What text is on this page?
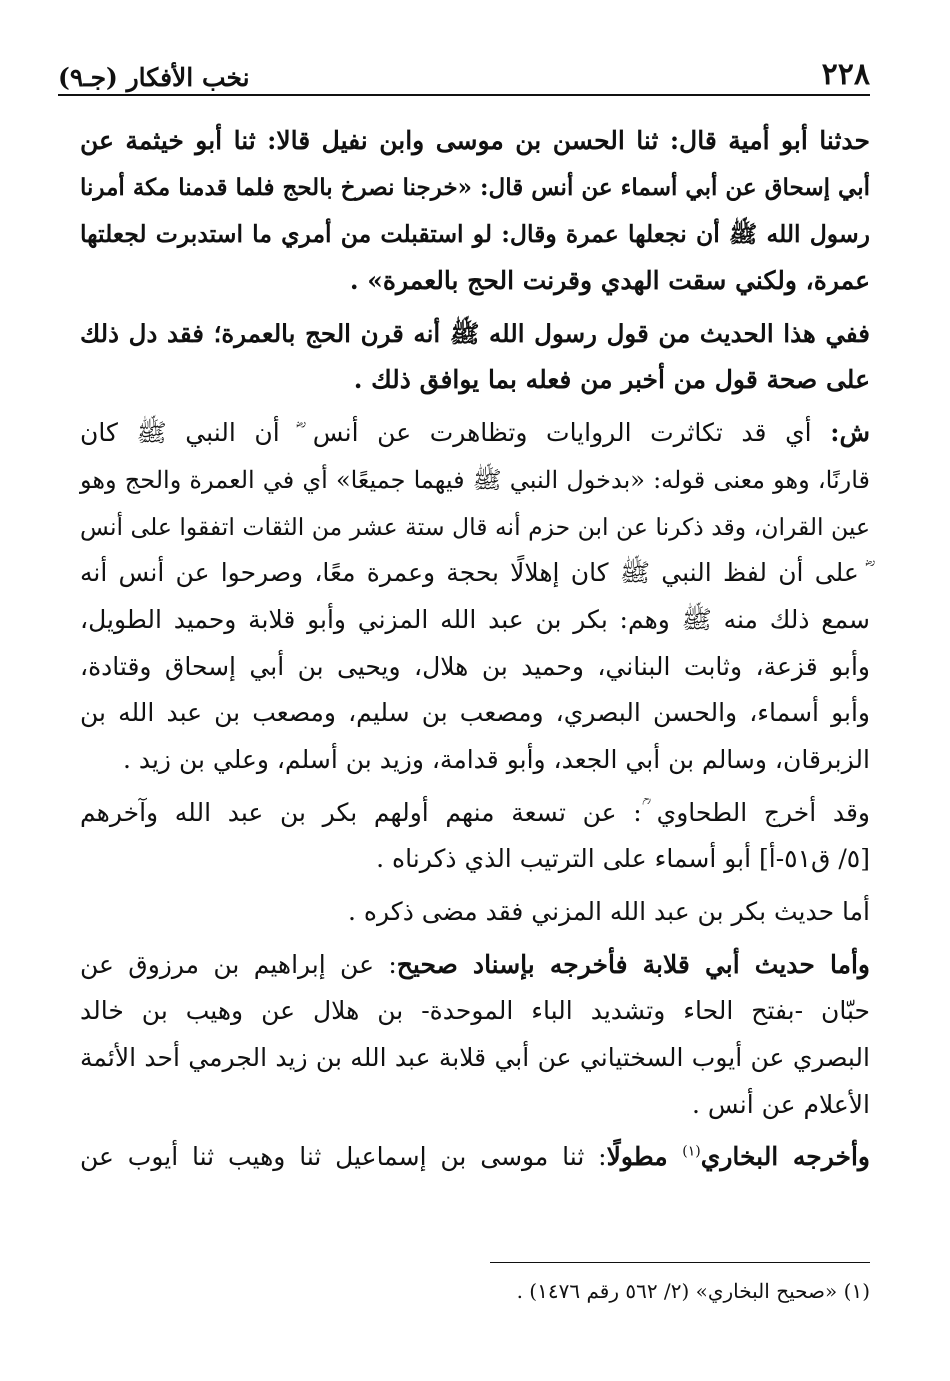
٢٢٨
نخب الأفكار (جـ٩)
حدثنا أبو أمية قال: ثنا الحسن بن موسى وابن نفيل قالا: ثنا أبو خيثمة عن
أبي إسحاق عن أبي أسماء عن أنس قال: «خرجنا نصرخ بالحج فلما قدمنا مكة أمرنا
رسول الله ﷺ أن نجعلها عمرة وقال: لو استقبلت من أمري ما استدبرت لجعلتها
عمرة، ولكني سقت الهدي وقرنت الحج بالعمرة» .
ففي هذا الحديث من قول رسول الله ﷺ أنه قرن الحج بالعمرة؛ فقد دل ذلك
على صحة قول من أخبر من فعله بما يوافق ذلك .
ش: أي قد تكاثرت الروايات وتظاهرت عن أنس ؓ أن النبي ﷺ كان
قارنًا، وهو معنى قوله: «بدخول النبي ﷺ فيهما جميعًا» أي في العمرة والحج وهو
عين القران، وقد ذكرنا عن ابن حزم أنه قال ستة عشر من الثقات اتفقوا على أنس
ؓ على أن لفظ النبي ﷺ كان إهلالًا بحجة وعمرة معًا، وصرحوا عن أنس أنه
سمع ذلك منه ﷺ وهم: بكر بن عبد الله المزني وأبو قلابة وحميد الطويل،
وأبو قزعة، وثابت البناني، وحميد بن هلال، ويحيى بن أبي إسحاق وقتادة،
وأبو أسماء، والحسن البصري، ومصعب بن سليم، ومصعب بن عبد الله بن
الزبرقان، وسالم بن أبي الجعد، وأبو قدامة، وزيد بن أسلم، وعلي بن زيد .
وقد أخرج الطحاوي ؒ: عن تسعة منهم أولهم بكر بن عبد الله وآخرهم
[٥/ ق٥١-أ] أبو أسماء على الترتيب الذي ذكرناه .
أما حديث بكر بن عبد الله المزني فقد مضى ذكره .
وأما حديث أبي قلابة فأخرجه بإسناد صحيح: عن إبراهيم بن مرزوق عن
حبّان -بفتح الحاء وتشديد الباء الموحدة- بن هلال عن وهيب بن خالد
البصري عن أيوب السختياني عن أبي قلابة عبد الله بن زيد الجرمي أحد الأئمة
الأعلام عن أنس .
وأخرجه البخاري$^{(١)}$ مطولًا: ثنا موسى بن إسماعيل ثنا وهيب ثنا أيوب عن
(١) «صحيح البخاري» (٢/ ٥٦٢ رقم ١٤٧٦) .
